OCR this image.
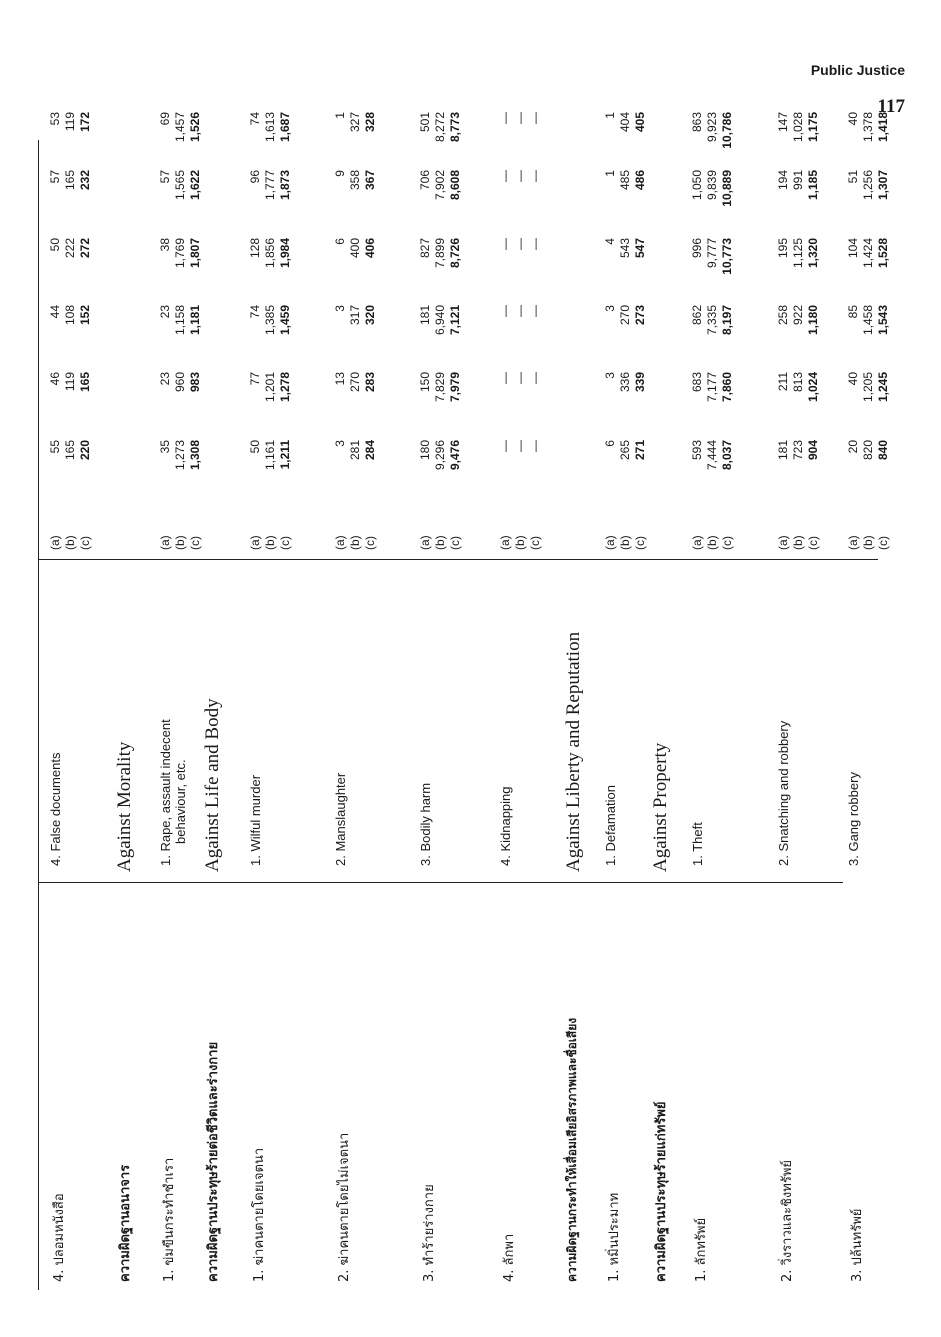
Public Justice
117
4. ปลอมหนังสือ
4. False documents
(a) (b) (c)
55 165 220
46 119 165
44 108 152
50 222 272
57 165 232
53 119 172
ความผิดฐานอนาจาร
Against Morality
1. ข่มขืนกระทำชำเรา
1. Rape, assault indecent behaviour, etc.
(a) (b) (c)
35 1,273 1,308
23 960 983
23 1,158 1,181
38 1,769 1,807
57 1,565 1,622
69 1,457 1,526
ความผิดฐานประทุษร้ายต่อชีวิตและร่างกาย
Against Life and Body
1. ฆ่าคนตายโดยเจตนา
1. Wilful murder
(a) (b) (c)
50 1,161 1,211
77 1,201 1,278
74 1,385 1,459
128 1,856 1,984
96 1,777 1,873
74 1,613 1,687
2. ฆ่าคนตายโดยไม่เจตนา
2. Manslaughter
(a) (b) (c)
3 281 284
13 270 283
3 317 320
6 400 406
9 358 367
1 327 328
3. ทำร้ายร่างกาย
3. Bodily harm
(a) (b) (c)
180 9,296 9,476
150 7,829 7,979
181 6,940 7,121
827 7,899 8,726
706 7,902 8,608
501 8,272 8,773
4. ลักพา
4. Kidnapping
(a) (b) (c)
— — —
— — —
— — —
— — —
— — —
— — —
ความผิดฐานกระทำให้เสื่อมเสียอิสรภาพและชื่อเสียง
Against Liberty and Reputation
1. หมิ่นประมาท
1. Defamation
(a) (b) (c)
6 265 271
3 336 339
3 270 273
4 543 547
1 485 486
1 404 405
ความผิดฐานประทุษร้ายแก่ทรัพย์
Against Property
1. ลักทรัพย์
1. Theft
(a) (b) (c)
593 7,444 8,037
683 7,177 7,860
862 7,335 8,197
996 9,777 10,773
1,050 9,839 10,889
863 9,923 10,786
2. วิ่งราวและชิงทรัพย์
2. Snatching and robbery
(a) (b) (c)
181 723 904
211 813 1,024
258 922 1,180
195 1,125 1,320
194 991 1,185
147 1,028 1,175
3. ปล้นทรัพย์
3. Gang robbery
(a) (b) (c)
20 820 840
40 1,205 1,245
85 1,458 1,543
104 1,424 1,528
51 1,256 1,307
40 1,378 1,418
